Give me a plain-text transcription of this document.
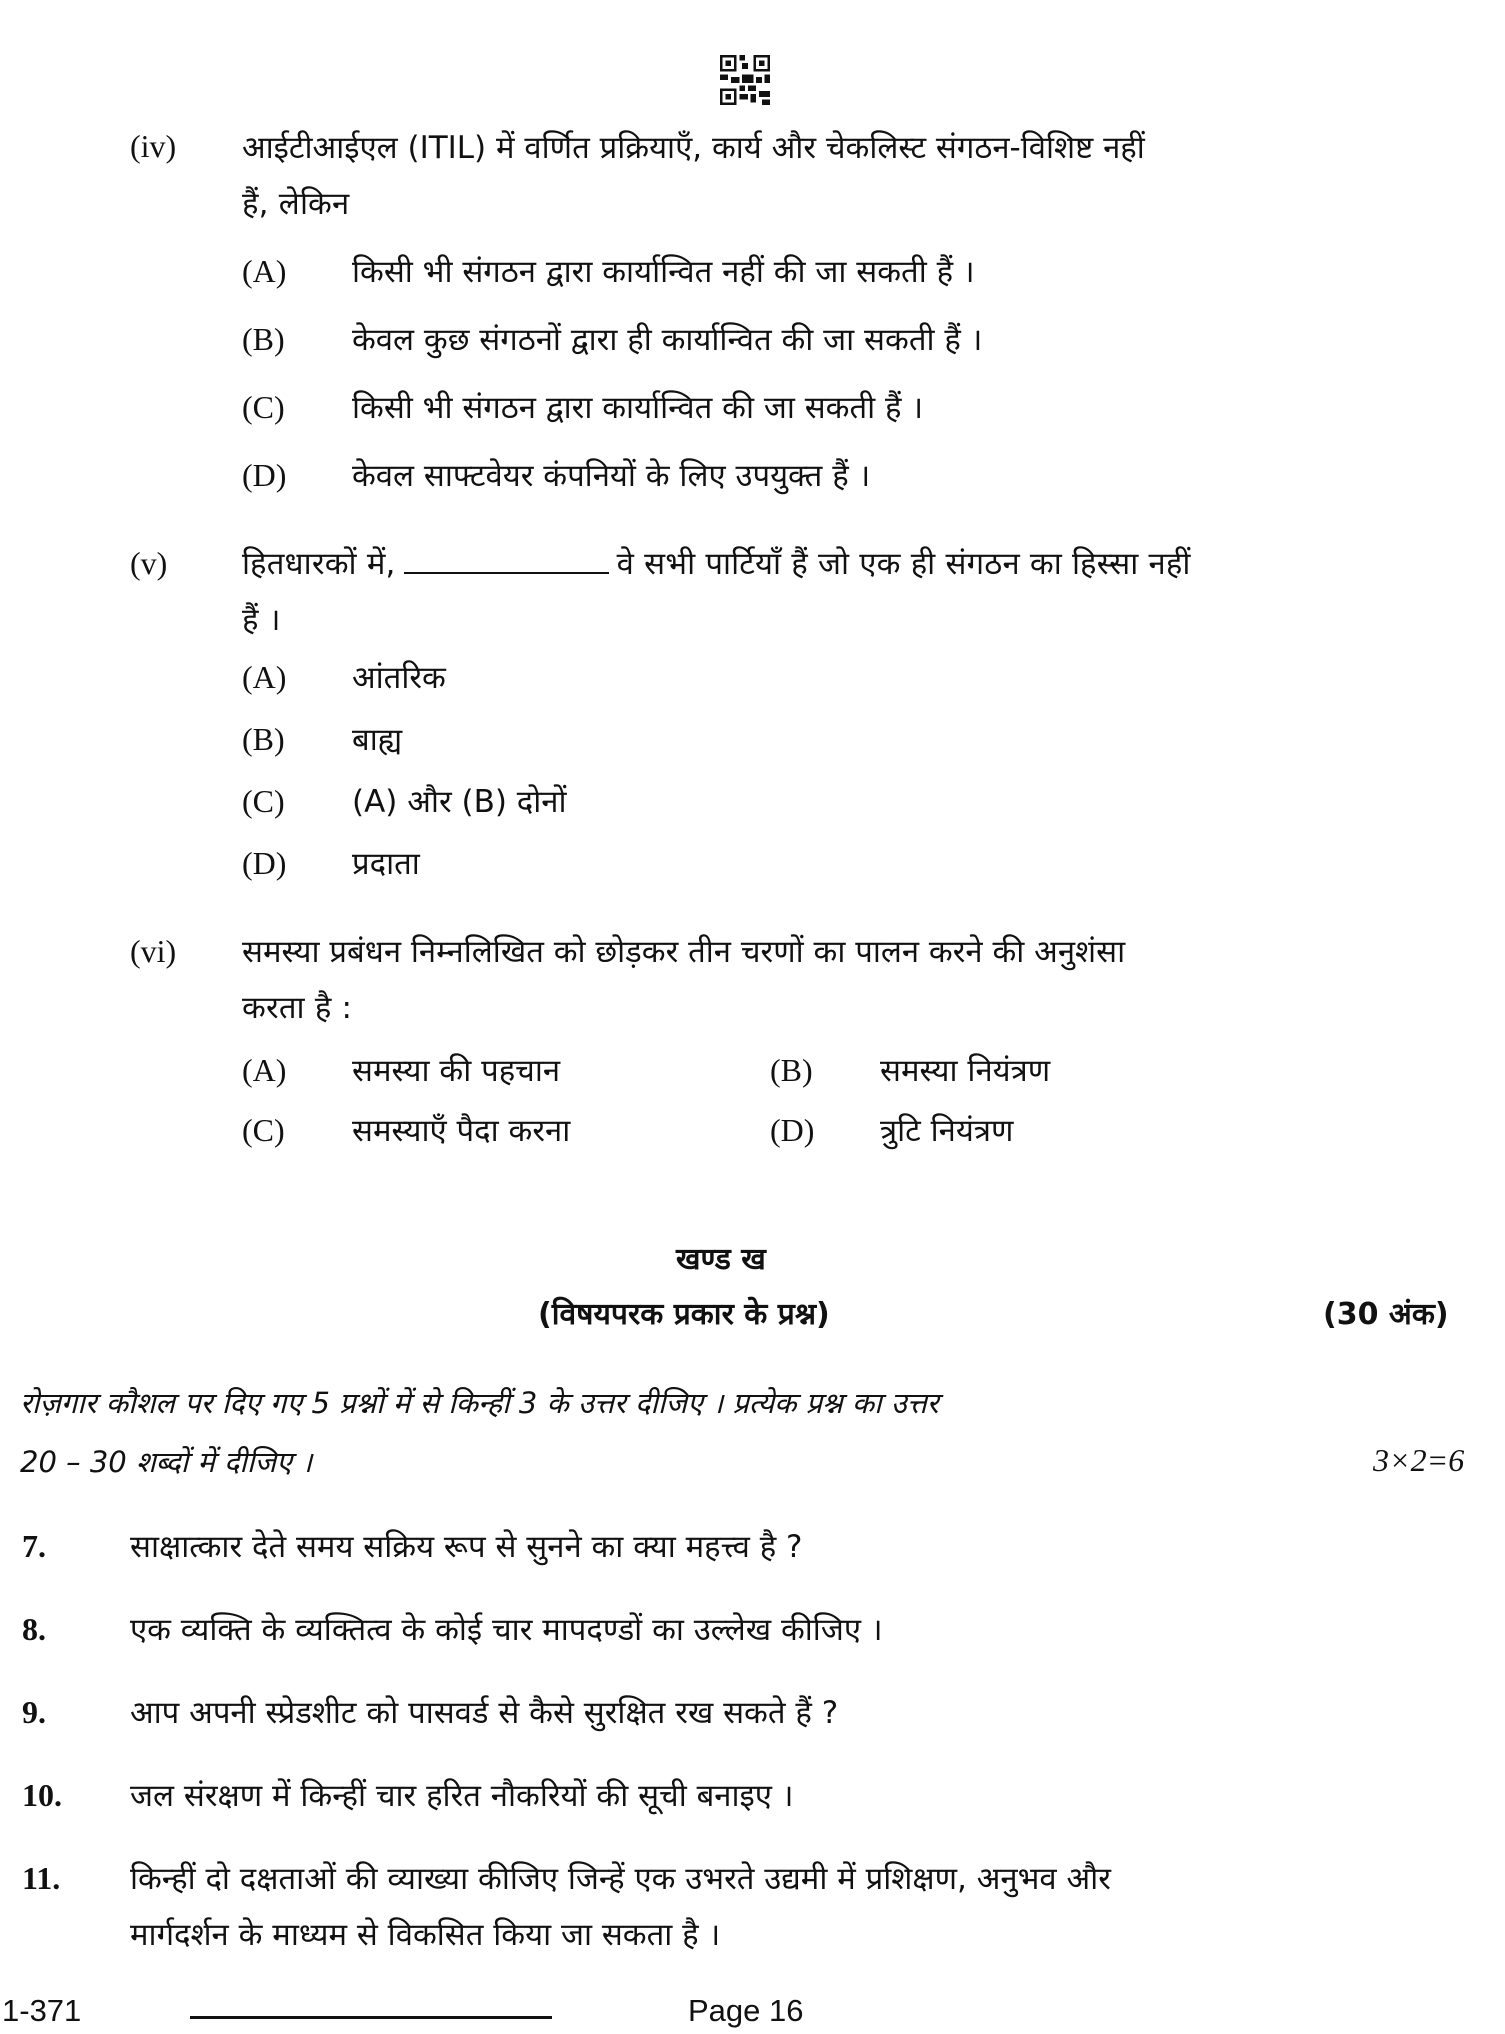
(iv) आईटीआईएल (ITIL) में वर्णित प्रक्रियाएँ, कार्य और चेकलिस्ट संगठन-विशिष्ट नहीं
हैं, लेकिन
(A) किसी भी संगठन द्वारा कार्यान्वित नहीं की जा सकती हैं ।
(B) केवल कुछ संगठनों द्वारा ही कार्यान्वित की जा सकती हैं ।
(C) किसी भी संगठन द्वारा कार्यान्वित की जा सकती हैं ।
(D) केवल साफ्टवेयर कंपनियों के लिए उपयुक्त हैं ।
(v) हितधारकों में,	वे सभी पार्टियाँ हैं जो एक ही संगठन का हिस्सा नहीं
हैं ।
(A) आंतरिक
(B) बाह्य
(C) (A) और (B) दोनों
(D) प्रदाता
(vi) समस्या प्रबंधन निम्नलिखित को छोड़कर तीन चरणों का पालन करने की अनुशंसा
करता है :
(A) समस्या की पहचान	(B) समस्या नियंत्रण
(C) समस्याएँ पैदा करना	(D) त्रुटि नियंत्रण
खण्ड ख
(विषयपरक प्रकार के प्रश्न)	(30 अंक)
रोज़गार कौशल पर दिए गए 5 प्रश्नों में से किन्हीं 3 के उत्तर दीजिए । प्रत्येक प्रश्न का उत्तर
20 – 30 शब्दों में दीजिए ।	3×2=6
7.	साक्षात्कार देते समय सक्रिय रूप से सुनने का क्या महत्त्व है ?
8.	एक व्यक्ति के व्यक्तित्व के कोई चार मापदण्डों का उल्लेख कीजिए ।
9.	आप अपनी स्प्रेडशीट को पासवर्ड से कैसे सुरक्षित रख सकते हैं ?
10. जल संरक्षण में किन्हीं चार हरित नौकरियों की सूची बनाइए ।
11. किन्हीं दो दक्षताओं की व्याख्या कीजिए जिन्हें एक उभरते उद्यमी में प्रशिक्षण, अनुभव और
मार्गदर्शन के माध्यम से विकसित किया जा सकता है ।
1-371	Page 16
